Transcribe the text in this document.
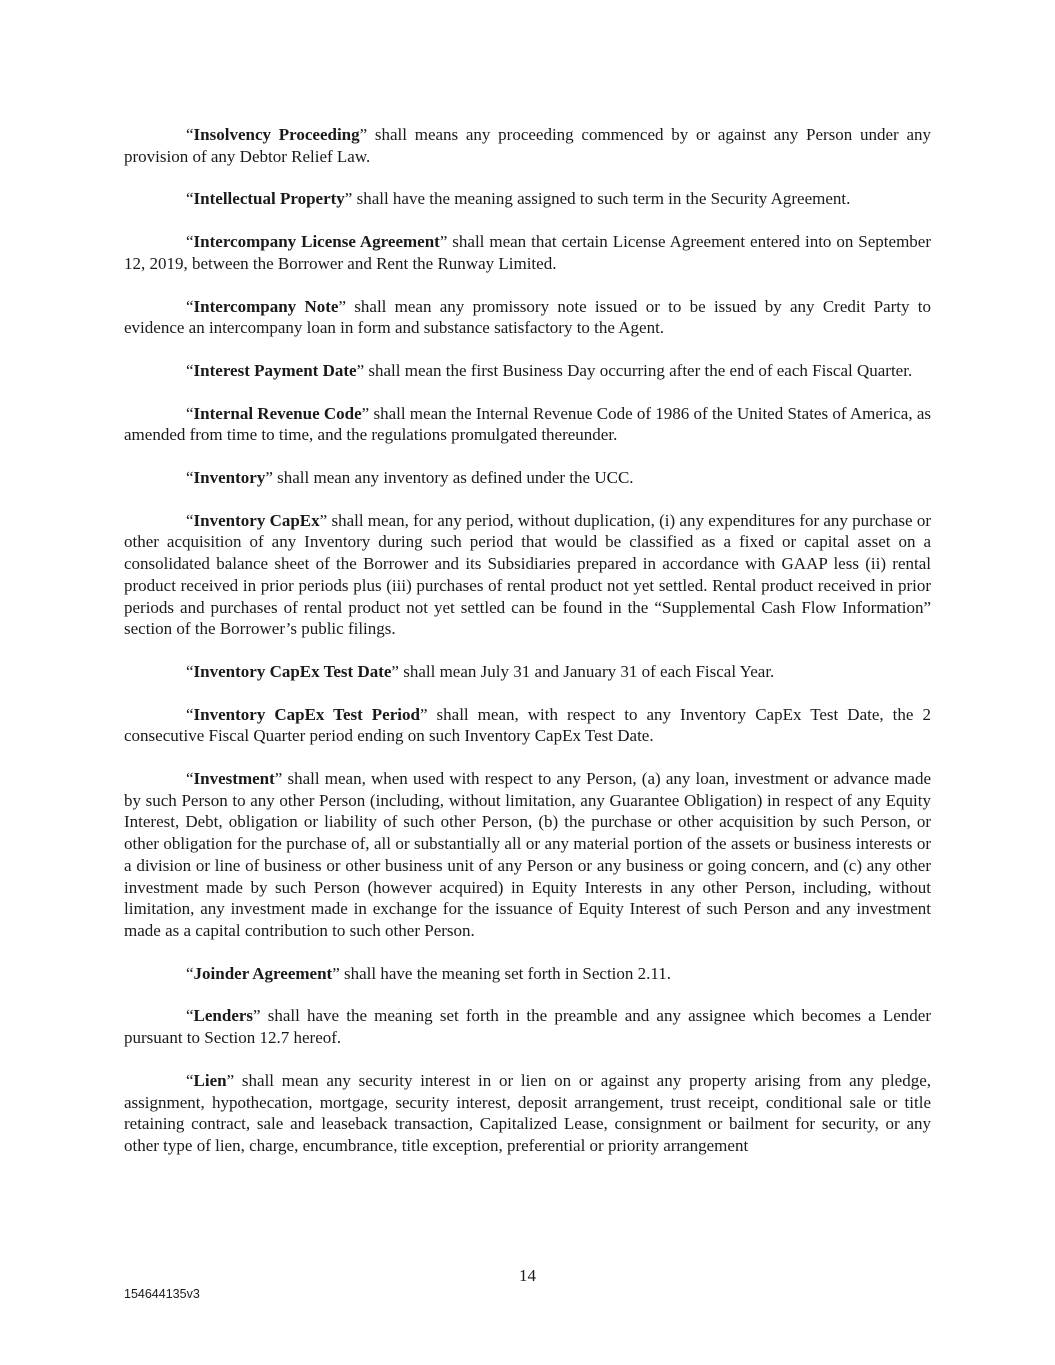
“Insolvency Proceeding” shall means any proceeding commenced by or against any Person under any provision of any Debtor Relief Law.

“Intellectual Property” shall have the meaning assigned to such term in the Security Agreement.

“Intercompany License Agreement” shall mean that certain License Agreement entered into on September 12, 2019, between the Borrower and Rent the Runway Limited.

“Intercompany Note” shall mean any promissory note issued or to be issued by any Credit Party to evidence an intercompany loan in form and substance satisfactory to the Agent.

“Interest Payment Date” shall mean the first Business Day occurring after the end of each Fiscal Quarter.

“Internal Revenue Code” shall mean the Internal Revenue Code of 1986 of the United States of America, as amended from time to time, and the regulations promulgated thereunder.

“Inventory” shall mean any inventory as defined under the UCC.

“Inventory CapEx” shall mean, for any period, without duplication, (i) any expenditures for any purchase or other acquisition of any Inventory during such period that would be classified as a fixed or capital asset on a consolidated balance sheet of the Borrower and its Subsidiaries prepared in accordance with GAAP less (ii) rental product received in prior periods plus (iii) purchases of rental product not yet settled. Rental product received in prior periods and purchases of rental product not yet settled can be found in the “Supplemental Cash Flow Information” section of the Borrower’s public filings.

“Inventory CapEx Test Date” shall mean July 31 and January 31 of each Fiscal Year.

“Inventory CapEx Test Period” shall mean, with respect to any Inventory CapEx Test Date, the 2 consecutive Fiscal Quarter period ending on such Inventory CapEx Test Date.

“Investment” shall mean, when used with respect to any Person, (a) any loan, investment or advance made by such Person to any other Person (including, without limitation, any Guarantee Obligation) in respect of any Equity Interest, Debt, obligation or liability of such other Person, (b) the purchase or other acquisition by such Person, or other obligation for the purchase of, all or substantially all or any material portion of the assets or business interests or a division or line of business or other business unit of any Person or any business or going concern, and (c) any other investment made by such Person (however acquired) in Equity Interests in any other Person, including, without limitation, any investment made in exchange for the issuance of Equity Interest of such Person and any investment made as a capital contribution to such other Person.

“Joinder Agreement” shall have the meaning set forth in Section 2.11.

“Lenders” shall have the meaning set forth in the preamble and any assignee which becomes a Lender pursuant to Section 12.7 hereof.

“Lien” shall mean any security interest in or lien on or against any property arising from any pledge, assignment, hypothecation, mortgage, security interest, deposit arrangement, trust receipt, conditional sale or title retaining contract, sale and leaseback transaction, Capitalized Lease, consignment or bailment for security, or any other type of lien, charge, encumbrance, title exception, preferential or priority arrangement

14
154644135v3
